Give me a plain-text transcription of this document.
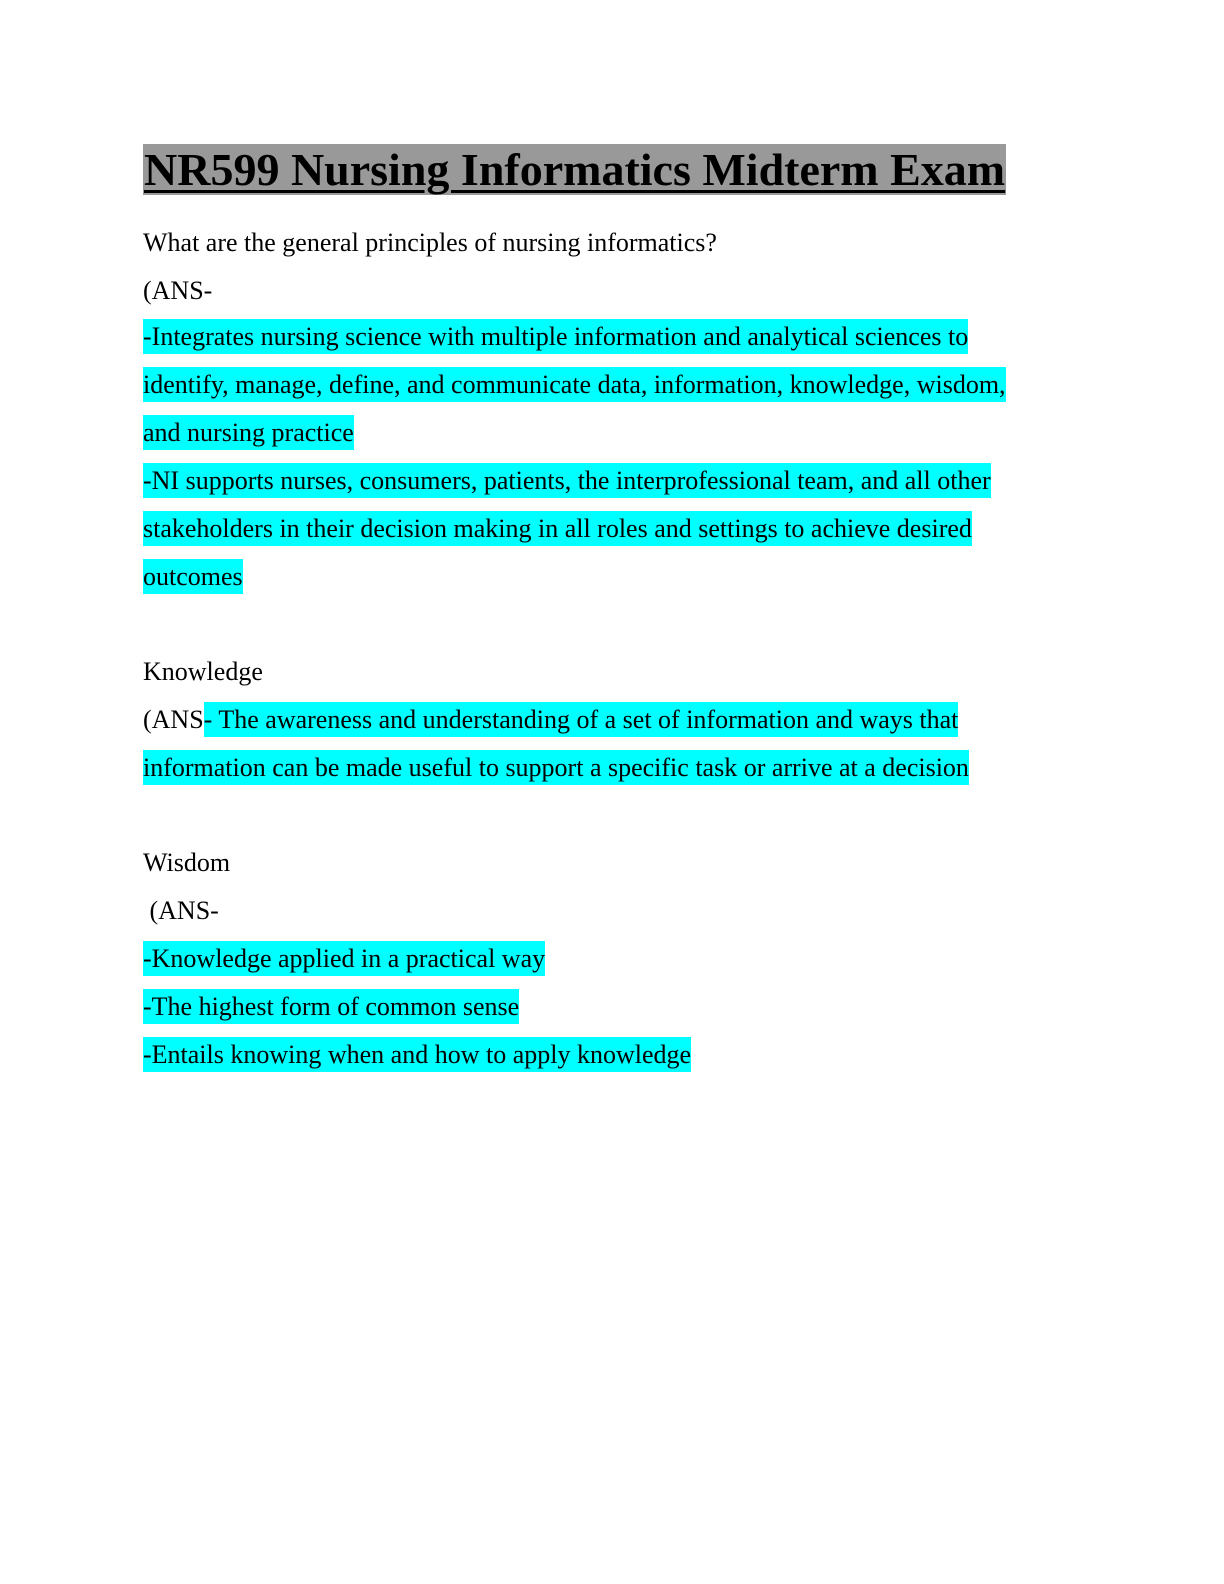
NR599 Nursing Informatics Midterm Exam
What are the general principles of nursing informatics?
(ANS-
-Integrates nursing science with multiple information and analytical sciences to
identify, manage, define, and communicate data, information, knowledge, wisdom,
and nursing practice
-NI supports nurses, consumers, patients, the interprofessional team, and all other
stakeholders in their decision making in all roles and settings to achieve desired
outcomes
Knowledge
(ANS- The awareness and understanding of a set of information and ways that
information can be made useful to support a specific task or arrive at a decision
Wisdom
(ANS-
-Knowledge applied in a practical way
-The highest form of common sense
-Entails knowing when and how to apply knowledge
